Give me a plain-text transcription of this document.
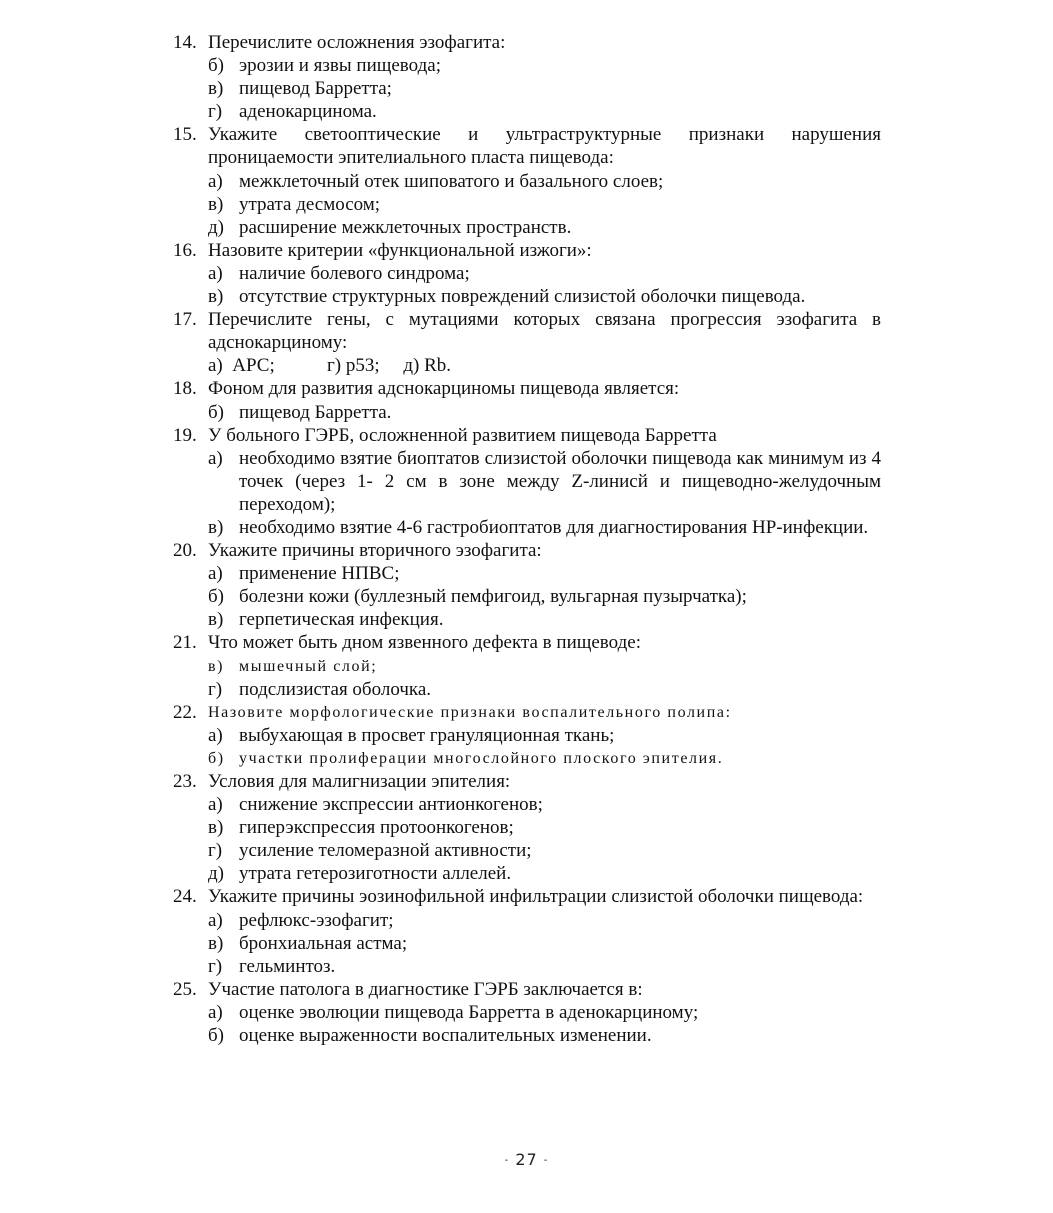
14. Перечислите осложнения эзофагита:
б) эрозии и язвы пищевода;
в) пищевод Барретта;
г) аденокарцинома.
15. Укажите светооптические и ультраструктурные признаки нарушения проницаемости эпителиального пласта пищевода:
а) межклеточный отек шиповатого и базального слоев;
в) утрата десмосом;
д) расширение межклеточных пространств.
16. Назовите критерии «функциональной изжоги»:
а) наличие болевого синдрома;
в) отсутствие структурных повреждений слизистой оболочки пищевода.
17. Перечислите гены, с мутациями которых связана прогрессия эзофагита в адснокарциному:
а)  АРС;           г) p53;     д) Rb.
18. Фоном для развития адснокарциномы пищевода является:
б) пищевод Барретта.
19. У больного ГЭРБ, осложненной развитием пищевода Барретта
а) необходимо взятие биоптатов слизистой оболочки пищевода как минимум из 4 точек (через 1- 2 см в зоне между Z-линисй и пищеводно-желудочным переходом);
в) необходимо взятие 4-6 гастробиоптатов для диагностирования НР-инфекции.
20. Укажите причины вторичного эзофагита:
а) применение НПВС;
б) болезни кожи (буллезный пемфигоид, вульгарная пузырчатка);
в) герпетическая инфекция.
21. Что может быть дном язвенного дефекта в пищеводе:
в) мышечный слой;
г) подслизистая оболочка.
22. Назовите морфологические признаки воспалительного полипа:
а) выбухающая в просвет грануляционная ткань;
б) участки пролиферации многослойного плоского эпителия.
23. Условия для малигнизации эпителия:
а) снижение экспрессии антионкогенов;
в) гиперэкспрессия протоонкогенов;
г) усиление теломеразной активности;
д) утрата гетерозиготности аллелей.
24. Укажите причины эозинофильной инфильтрации слизистой оболочки пищевода:
а) рефлюкс-эзофагит;
в) бронхиальная астма;
г) гельминтоз.
25. Участие патолога в диагностике ГЭРБ заключается в:
а) оценке эволюции пищевода Барретта в аденокарциному;
б) оценке выраженности воспалительных изменении.
- 27 -
